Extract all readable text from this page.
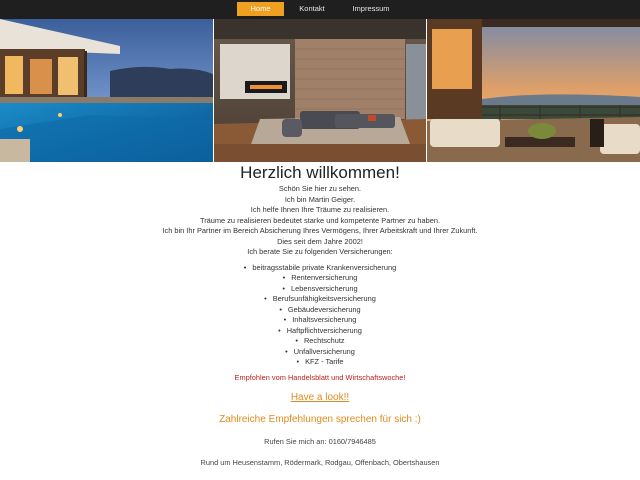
Home	Kontakt	Impressum
Herzlich willkommen!

Schön Sie hier zu sehen.

Ich bin Martin Geiger.

Ich helfe Ihnen Ihre Träume zu realisieren.

Träume zu realisieren bedeutet starke und kompetente Partner zu haben.

Ich bin Ihr Partner im Bereich Absicherung Ihres Vermögens, Ihrer Arbeitskraft und Ihrer Zukunft.

Dies seit dem Jahre 2002!

Ich berate Sie zu folgenden Versicherungen:

• beitragsstabile private Krankenversicherung
• Rentenversicherung
• Lebensversicherung
• Berufsunfähigkeitsversicherung
• Gebäudeversicherung
• Inhaltsversicherung
• Haftpflichtversicherung
• Rechtschutz
• Unfallversicherung
• KFZ - Tarife

Empfohlen vom Handelsblatt und Wirtschaftswoche!

Have a look!!

Zahlreiche Empfehlungen sprechen für sich :)

Rufen Sie mich an: 0160/7946485

Rund um Heusenstamm, Rödermark, Rodgau, Offenbach, Obertshausen
